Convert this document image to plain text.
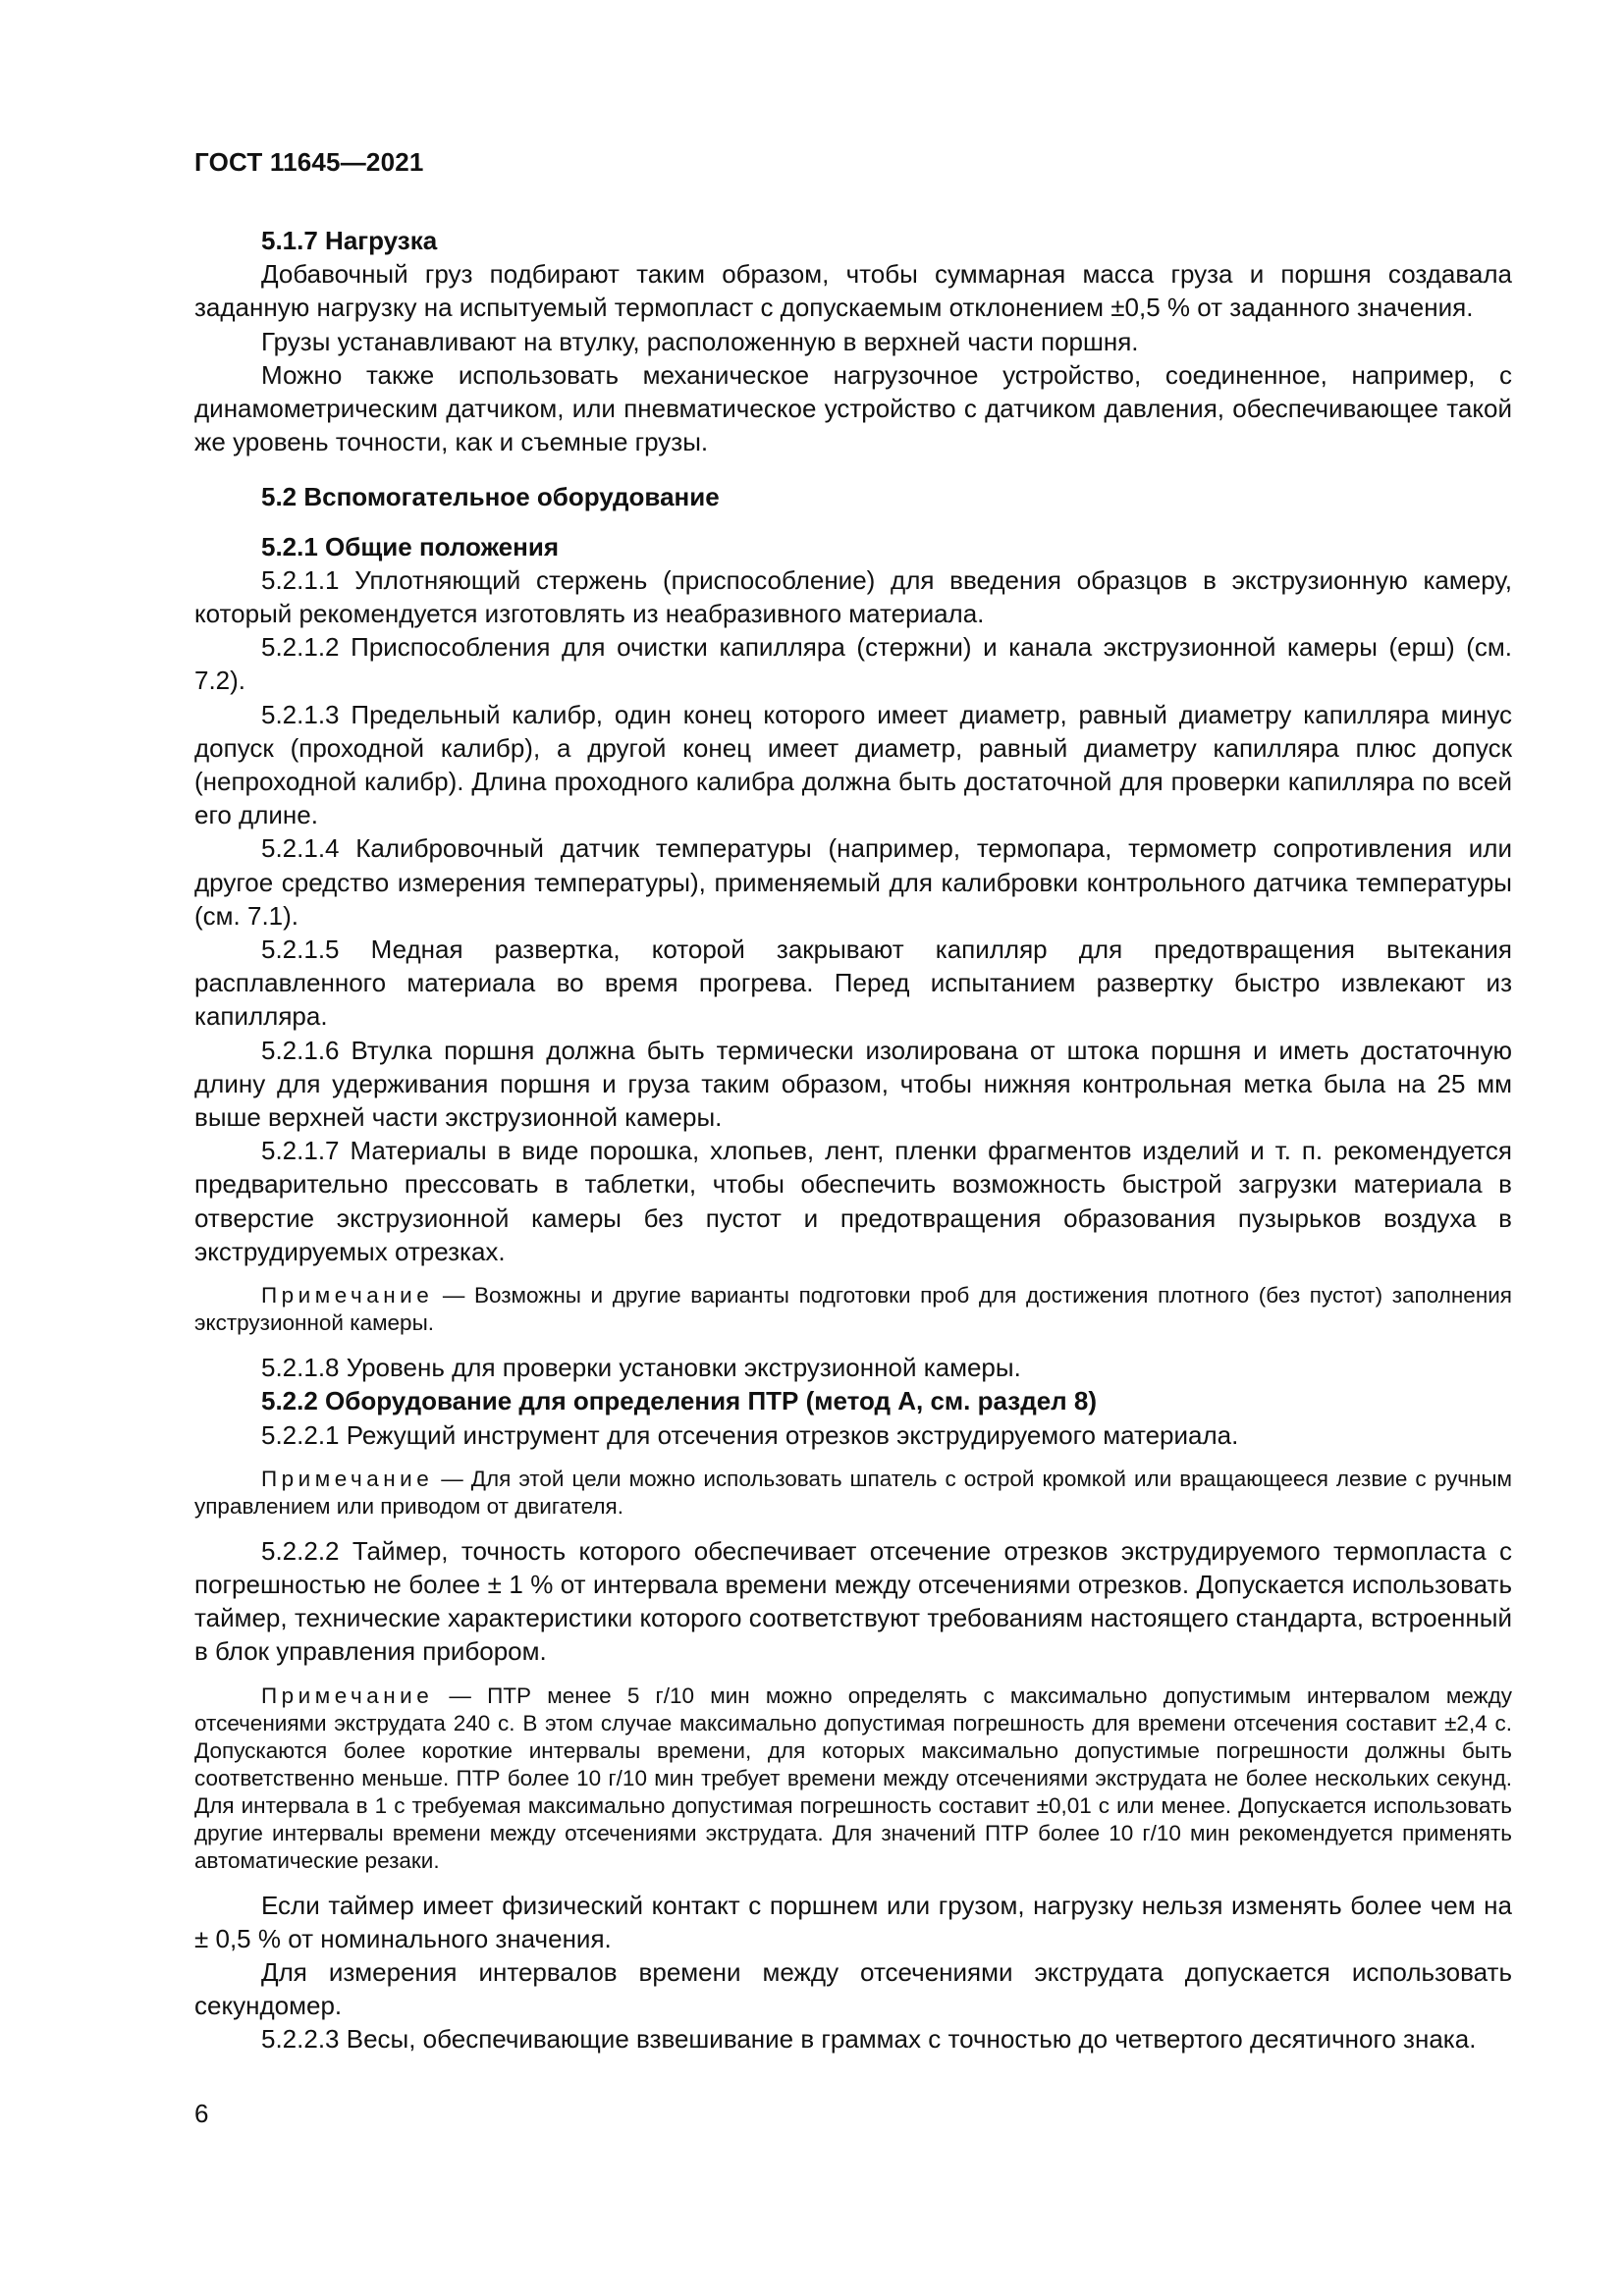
ГОСТ 11645—2021

5.1.7 Нагрузка

Добавочный груз подбирают таким образом, чтобы суммарная масса груза и поршня создавала заданную нагрузку на испытуемый термопласт с допускаемым отклонением ±0,5 % от заданного значения.

Грузы устанавливают на втулку, расположенную в верхней части поршня.

Можно также использовать механическое нагрузочное устройство, соединенное, например, с динамометрическим датчиком, или пневматическое устройство с датчиком давления, обеспечивающее такой же уровень точности, как и съемные грузы.

5.2 Вспомогательное оборудование

5.2.1 Общие положения

5.2.1.1 Уплотняющий стержень (приспособление) для введения образцов в экструзионную камеру, который рекомендуется изготовлять из неабразивного материала.

5.2.1.2 Приспособления для очистки капилляра (стержни) и канала экструзионной камеры (ерш) (см. 7.2).

5.2.1.3 Предельный калибр, один конец которого имеет диаметр, равный диаметру капилляра минус допуск (проходной калибр), а другой конец имеет диаметр, равный диаметру капилляра плюс допуск (непроходной калибр). Длина проходного калибра должна быть достаточной для проверки капилляра по всей его длине.

5.2.1.4 Калибровочный датчик температуры (например, термопара, термометр сопротивления или другое средство измерения температуры), применяемый для калибровки контрольного датчика температуры (см. 7.1).

5.2.1.5 Медная развертка, которой закрывают капилляр для предотвращения вытекания расплавленного материала во время прогрева. Перед испытанием развертку быстро извлекают из капилляра.

5.2.1.6 Втулка поршня должна быть термически изолирована от штока поршня и иметь достаточную длину для удерживания поршня и груза таким образом, чтобы нижняя контрольная метка была на 25 мм выше верхней части экструзионной камеры.

5.2.1.7 Материалы в виде порошка, хлопьев, лент, пленки фрагментов изделий и т. п. рекомендуется предварительно прессовать в таблетки, чтобы обеспечить возможность быстрой загрузки материала в отверстие экструзионной камеры без пустот и предотвращения образования пузырьков воздуха в экструдируемых отрезках.

Примечание — Возможны и другие варианты подготовки проб для достижения плотного (без пустот) заполнения экструзионной камеры.

5.2.1.8 Уровень для проверки установки экструзионной камеры.

5.2.2 Оборудование для определения ПТР (метод А, см. раздел 8)

5.2.2.1 Режущий инструмент для отсечения отрезков экструдируемого материала.

Примечание — Для этой цели можно использовать шпатель с острой кромкой или вращающееся лезвие с ручным управлением или приводом от двигателя.

5.2.2.2 Таймер, точность которого обеспечивает отсечение отрезков экструдируемого термопласта с погрешностью не более ± 1 % от интервала времени между отсечениями отрезков. Допускается использовать таймер, технические характеристики которого соответствуют требованиям настоящего стандарта, встроенный в блок управления прибором.

Примечание — ПТР менее 5 г/10 мин можно определять с максимально допустимым интервалом между отсечениями экструдата 240 с. В этом случае максимально допустимая погрешность для времени отсечения составит ±2,4 с. Допускаются более короткие интервалы времени, для которых максимально допустимые погрешности должны быть соответственно меньше. ПТР более 10 г/10 мин требует времени между отсечениями экструдата не более нескольких секунд. Для интервала в 1 с требуемая максимально допустимая погрешность составит ±0,01 с или менее. Допускается использовать другие интервалы времени между отсечениями экструдата. Для значений ПТР более 10 г/10 мин рекомендуется применять автоматические резаки.

Если таймер имеет физический контакт с поршнем или грузом, нагрузку нельзя изменять более чем на ± 0,5 % от номинального значения.

Для измерения интервалов времени между отсечениями экструдата допускается использовать секундомер.

5.2.2.3 Весы, обеспечивающие взвешивание в граммах с точностью до четвертого десятичного знака.

6
